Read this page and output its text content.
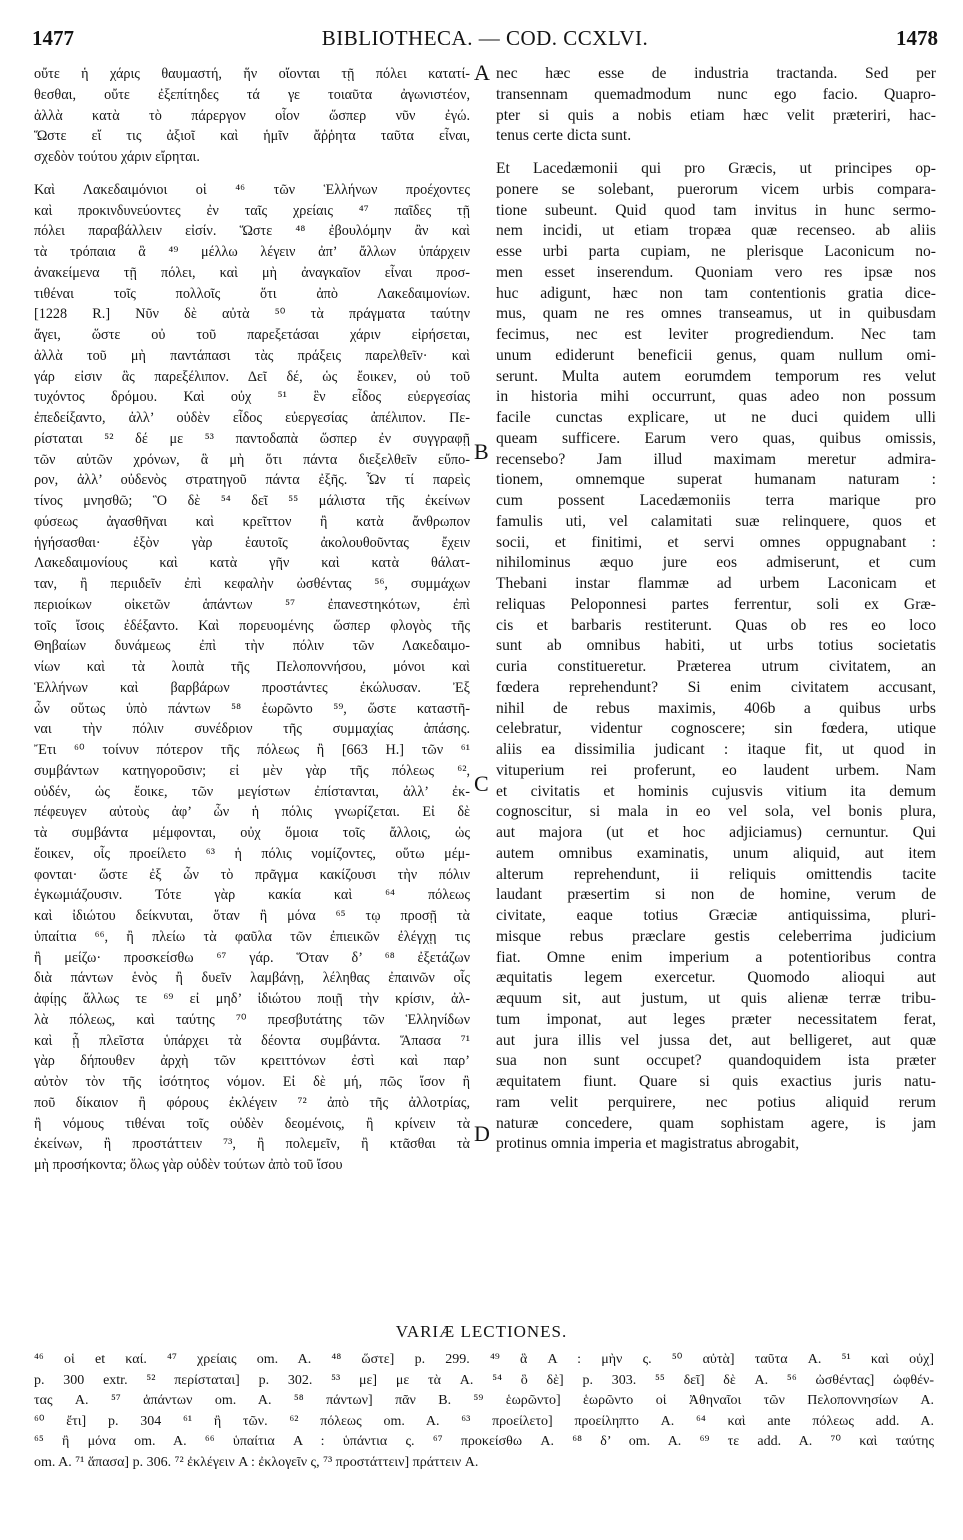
1477	BIBLIOTHECA. — COD. CCXLVI.	1478
οὔτε ἡ χάρις θαυμαστή, ἥν οἴονται τῇ πόλει κατατί-
θεσθαι, οὔτε ἐξεπίτηδες τά γε τοιαῦτα ἀγωνιστέον,
ἀλλὰ κατὰ τὸ πάρεργον οἷον ὥσπερ νῦν ἐγώ.
Ὥστε εἴ τις ἀξιοῖ καὶ ἡμῖν ἄῤῥητα ταῦτα εἶναι,
σχεδὸν τούτου χάριν εἴρηται.
Καὶ Λακεδαιμόνιοι οἱ ⁴⁶ τῶν Ἑλλήνων προέχοντες
καὶ προκινδυνεύοντες ἐν ταῖς χρείαις ⁴⁷ παῖδες τῇ
πόλει παραβάλλειν εἰσίν. Ὥστε ⁴⁸ ἐβουλόμην ἂν καὶ
τὰ τρόπαια ἃ ⁴⁹ μέλλω λέγειν ἀπ’ ἄλλων ὑπάρχειν
ἀνακείμενα τῇ πόλει, καὶ μὴ ἀναγκαῖον εἶναι προσ-
τιθέναι τοῖς πολλοῖς ὅτι ἀπὸ Λακεδαιμονίων.
[1228 R.] Νῦν δὲ αὐτὰ ⁵⁰ τὰ πράγματα ταύτην
ἄγει, ὥστε οὐ τοῦ παρεξετάσαι χάριν εἰρήσεται,
ἀλλὰ τοῦ μὴ παντάπασι τὰς πράξεις παρελθεῖν· καὶ
γάρ εἰσιν ἃς παρεξέλιπον. Δεῖ δέ, ὡς ἔοικεν, οὐ τοῦ
τυχόντος δρόμου. Καὶ οὐχ ⁵¹ ἓν εἶδος εὐεργεσίας
ἐπεδείξαντο, ἀλλ’ οὐδὲν εἶδος εὐεργεσίας ἀπέλιπον. Πε-
ρίσταται ⁵² δέ με ⁵³ παντοδαπὰ ὥσπερ ἐν συγγραφῇ
τῶν αὐτῶν χρόνων, ἃ μὴ ὅτι πάντα διεξελθεῖν εὔπο-
ρον, ἀλλ’ οὐδενὸς στρατηγοῦ πάντα ἐξῆς. Ὧν τί παρεὶς
τίνος μνησθῶ; Ὃ δὲ ⁵⁴ δεῖ ⁵⁵ μάλιστα τῆς ἐκείνων
φύσεως ἀγασθῆναι καὶ κρεῖττον ἢ κατὰ ἄνθρωπον
ἡγήσασθαι· ἐξὸν γὰρ ἑαυτοῖς ἀκολουθοῦντας ἔχειν
Λακεδαιμονίους καὶ κατὰ γῆν καὶ κατὰ θάλατ-
ταν, ἢ περιιδεῖν ἐπὶ κεφαλὴν ὠσθέντας ⁵⁶, συμμάχων
περιοίκων οἰκετῶν ἁπάντων ⁵⁷ ἐπανεστηκότων, ἐπὶ
τοῖς ἴσοις ἐδέξαντο. Καὶ πορευομένης ὥσπερ φλογὸς τῆς
Θηβαίων δυνάμεως ἐπὶ τὴν πόλιν τῶν Λακεδαιμο-
νίων καὶ τὰ λοιπὰ τῆς Πελοποννήσου, μόνοι καὶ
Ἑλλήνων καὶ βαρβάρων προστάντες ἐκώλυσαν. Ἐξ
ὧν οὕτως ὑπὸ πάντων ⁵⁸ ἑωρῶντο ⁵⁹, ὥστε καταστῆ-
ναι τὴν πόλιν συνέδριον τῆς συμμαχίας ἁπάσης.
Ἔτι ⁶⁰ τοίνυν πότερον τῆς πόλεως ἢ [663 H.] τῶν ⁶¹
συμβάντων κατηγοροῦσιν; εἰ μὲν γὰρ τῆς πόλεως ⁶²,
οὐδέν, ὡς ἔοικε, τῶν μεγίστων ἐπίστανται, ἀλλ’ ἐκ-
πέφευγεν αὐτοὺς ἀφ’ ὧν ἡ πόλις γνωρίζεται. Εἰ δὲ
τὰ συμβάντα μέμφονται, οὐχ ὅμοια τοῖς ἄλλοις, ὡς
ἔοικεν, οἷς προείλετο ⁶³ ἡ πόλις νομίζοντες, οὕτω μέμ-
φονται· ὥστε ἐξ ὧν τὸ πρᾶγμα κακίζουσι τὴν πόλιν
ἐγκωμιάζουσιν. Τότε γὰρ κακία καὶ ⁶⁴ πόλεως
καὶ ἰδιώτου δείκνυται, ὅταν ἢ μόνα ⁶⁵ τῳ προσῇ τὰ
ὑπαίτια ⁶⁶, ἢ πλείω τὰ φαῦλα τῶν ἐπιεικῶν ἐλέγχῃ τις
ἢ μείζω· προσκείσθω ⁶⁷ γάρ. Ὅταν δ’ ⁶⁸ ἐξετάζων
διὰ πάντων ἑνὸς ἢ δυεῖν λαμβάνῃ, λέληθας ἐπαινῶν οἷς
ἀφίῃς ἄλλως τε ⁶⁹ εἰ μηδ’ ἰδιώτου ποιῇ τὴν κρίσιν, ἀλ-
λὰ πόλεως, καὶ ταύτης ⁷⁰ πρεσβυτάτης τῶν Ἑλληνίδων
καὶ ᾗ πλεῖστα ὑπάρχει τὰ δέοντα συμβάντα. Ἅπασα ⁷¹
γὰρ δήπουθεν ἀρχὴ τῶν κρειττόνων ἐστὶ καὶ παρ’
αὐτὸν τὸν τῆς ἰσότητος νόμον. Εἰ δὲ μή, πῶς ἴσον ἢ
ποῦ δίκαιον ἢ φόρους ἐκλέγειν ⁷² ἀπὸ τῆς ἀλλοτρίας,
ἢ νόμους τιθέναι τοῖς οὐδὲν δεομένοις, ἢ κρίνειν τὰ
ἐκείνων, ἢ προστάττειν ⁷³, ἢ πολεμεῖν, ἢ κτᾶσθαι τὰ
μὴ προσήκοντα; ὅλως γὰρ οὐδὲν τούτων ἀπὸ τοῦ ἴσου
nec hæc esse de industria tractanda. Sed per
transennam quemadmodum nunc ego facio. Quapro-
pter si quis a nobis etiam hæc velit præteriri, hac-
tenus certe dicta sunt.
Et Lacedæmonii qui pro Græcis, ut principes op-
ponere se solebant, puerorum vicem urbis compara-
tione subeunt. Quid quod tam invitus in hunc sermo-
nem incidi, ut etiam tropæa quæ recenseo. ab aliis
esse urbi parta cupiam, ne plerisque Laconicum no-
men esset inserendum. Quoniam vero res ipsæ nos
huc adigunt, hæc non tam contentionis gratia dice-
mus, quam ne res omnes transeamus, ut in quibusdam
fecimus, nec est leviter progrediendum. Nec tam
unum ediderunt beneficii genus, quam nullum omi-
serunt. Multa autem eorumdem temporum res velut
in historia mihi occurrunt, quas adeo non possum
facile cunctas explicare, ut ne duci quidem ulli
queam sufficere. Earum vero quas, quibus omissis,
recensebo? Jam illud maximam meretur admira-
tionem, omnemque superat humanam naturam :
cum possent Lacedæmoniis terra marique pro
famulis uti, vel calamitati suæ relinquere, quos et
socii, et finitimi, et servi omnes oppugnabant :
nihilominus æquo jure eos admiserunt, et cum
Thebani instar flammæ ad urbem Laconicam et
reliquas Peloponnesi partes ferrentur, soli ex Græ-
cis et barbaris restiterunt. Quas ob res eo loco
sunt ab omnibus habiti, ut urbs totius societatis
curia constitueretur. Præterea utrum civitatem, an
fœdera reprehendunt? Si enim civitatem accusant,
nihil de rebus maximis, 406b a quibus urbs
celebratur, videntur cognoscere; sin fœdera, utique
aliis ea dissimilia judicant : itaque fit, ut quod in
vituperium rei proferunt, eo laudent urbem. Nam
et civitatis et hominis cujusvis vitium ita demum
cognoscitur, si mala in eo vel sola, vel bonis plura,
aut majora (ut et hoc adjiciamus) cernuntur. Qui
autem omnibus examinatis, unum aliquid, aut item
alterum reprehendunt, ii reliquis omittendis tacite
laudant præsertim si non de homine, verum de
civitate, eaque totius Græciæ antiquissima, pluri-
misque rebus præclare gestis celeberrima judicium
fiat. Omne enim imperium a potentioribus contra
æquitatis legem exercetur. Quomodo alioqui aut
æquum sit, aut justum, ut quis alienæ terræ tribu-
tum imponat, aut leges præter necessitatem ferat,
aut jura illis vel jussa det, aut belligeret, aut quæ
sua non sunt occupet? quandoquidem ista præter
æquitatem fiunt. Quare si quis exactius juris natu-
ram velit perquirere, nec potius aliquid rerum
naturæ concedere, quam sophistam agere, is jam
protinus omnia imperia et magistratus abrogabit,
A
B
C
D
VARIÆ LECTIONES.
⁴⁶ οἱ et καί. ⁴⁷ χρείαις om. A. ⁴⁸ ὥστε] p. 299. ⁴⁹ ἃ A : μὴν ς. ⁵⁰ αὐτὰ] ταῦτα A. ⁵¹ καὶ οὐχ]
p. 300 extr. ⁵² περίσταται] p. 302. ⁵³ με] με τὰ A. ⁵⁴ ὃ δὲ] p. 303. ⁵⁵ δεῖ] δὲ A. ⁵⁶ ὠσθέντας] ὠφθέν-
τας A. ⁵⁷ ἁπάντων om. A. ⁵⁸ πάντων] πᾶν B. ⁵⁹ ἑωρῶντο] ἑωρῶντο οἱ Ἀθηναῖοι τῶν Πελοποννησίων A.
⁶⁰ ἔτι] p. 304 ⁶¹ ἢ τῶν. ⁶² πόλεως om. A. ⁶³ προείλετο] προείληπτο A. ⁶⁴ καὶ ante πόλεως add. A.
⁶⁵ ἢ μόνα om. A. ⁶⁶ ὑπαίτια A : ὑπάντια ς. ⁶⁷ προκείσθω A. ⁶⁸ δ’ om. A. ⁶⁹ τε add. A. ⁷⁰ καὶ ταύτης
om. A. ⁷¹ ἅπασα] p. 306. ⁷² ἐκλέγειν A : ἐκλογεῖν ς, ⁷³ προστάττειν] πράττειν A.
